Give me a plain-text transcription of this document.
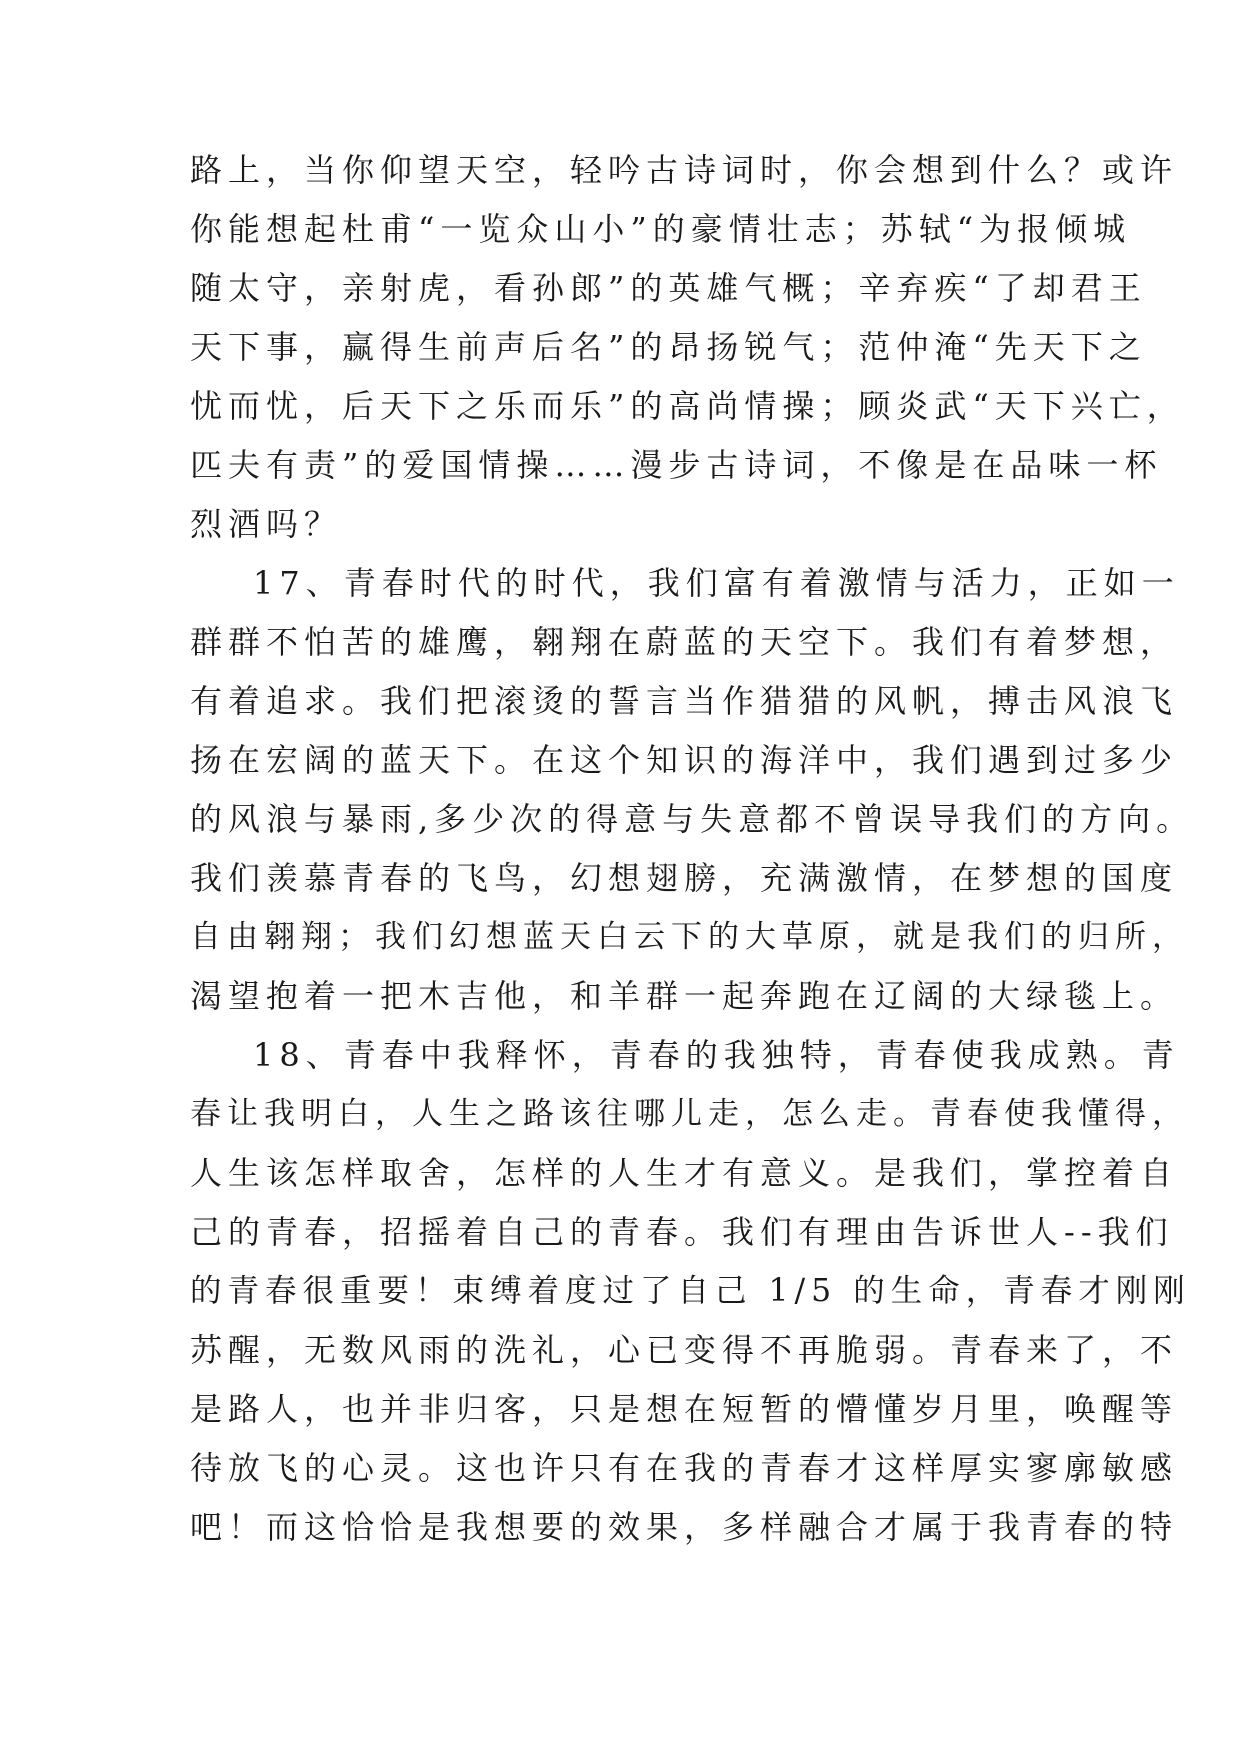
路上，当你仰望天空，轻吟古诗词时，你会想到什么？或许
你能想起杜甫“一览众山小”的豪情壮志；苏轼“为报倾城
随太守，亲射虎，看孙郎”的英雄气概；辛弃疾“了却君王
天下事，赢得生前声后名”的昂扬锐气；范仲淹“先天下之
忧而忧，后天下之乐而乐”的高尚情操；顾炎武“天下兴亡，
匹夫有责”的爱国情操……漫步古诗词，不像是在品味一杯
烈酒吗？
17、青春时代的时代，我们富有着激情与活力，正如一
群群不怕苦的雄鹰，翱翔在蔚蓝的天空下。我们有着梦想，
有着追求。我们把滚烫的誓言当作猎猎的风帆，搏击风浪飞
扬在宏阔的蓝天下。在这个知识的海洋中，我们遇到过多少
的风浪与暴雨,多少次的得意与失意都不曾误导我们的方向。
我们羡慕青春的飞鸟，幻想翅膀，充满激情，在梦想的国度
自由翱翔；我们幻想蓝天白云下的大草原，就是我们的归所，
渴望抱着一把木吉他，和羊群一起奔跑在辽阔的大绿毯上。
18、青春中我释怀，青春的我独特，青春使我成熟。青
春让我明白，人生之路该往哪儿走，怎么走。青春使我懂得，
人生该怎样取舍，怎样的人生才有意义。是我们，掌控着自
己的青春，招摇着自己的青春。我们有理由告诉世人--我们
的青春很重要！束缚着度过了自己 1/5 的生命，青春才刚刚
苏醒，无数风雨的洗礼，心已变得不再脆弱。青春来了，不
是路人，也并非归客，只是想在短暂的懵懂岁月里，唤醒等
待放飞的心灵。这也许只有在我的青春才这样厚实寥廓敏感
吧！而这恰恰是我想要的效果，多样融合才属于我青春的特
